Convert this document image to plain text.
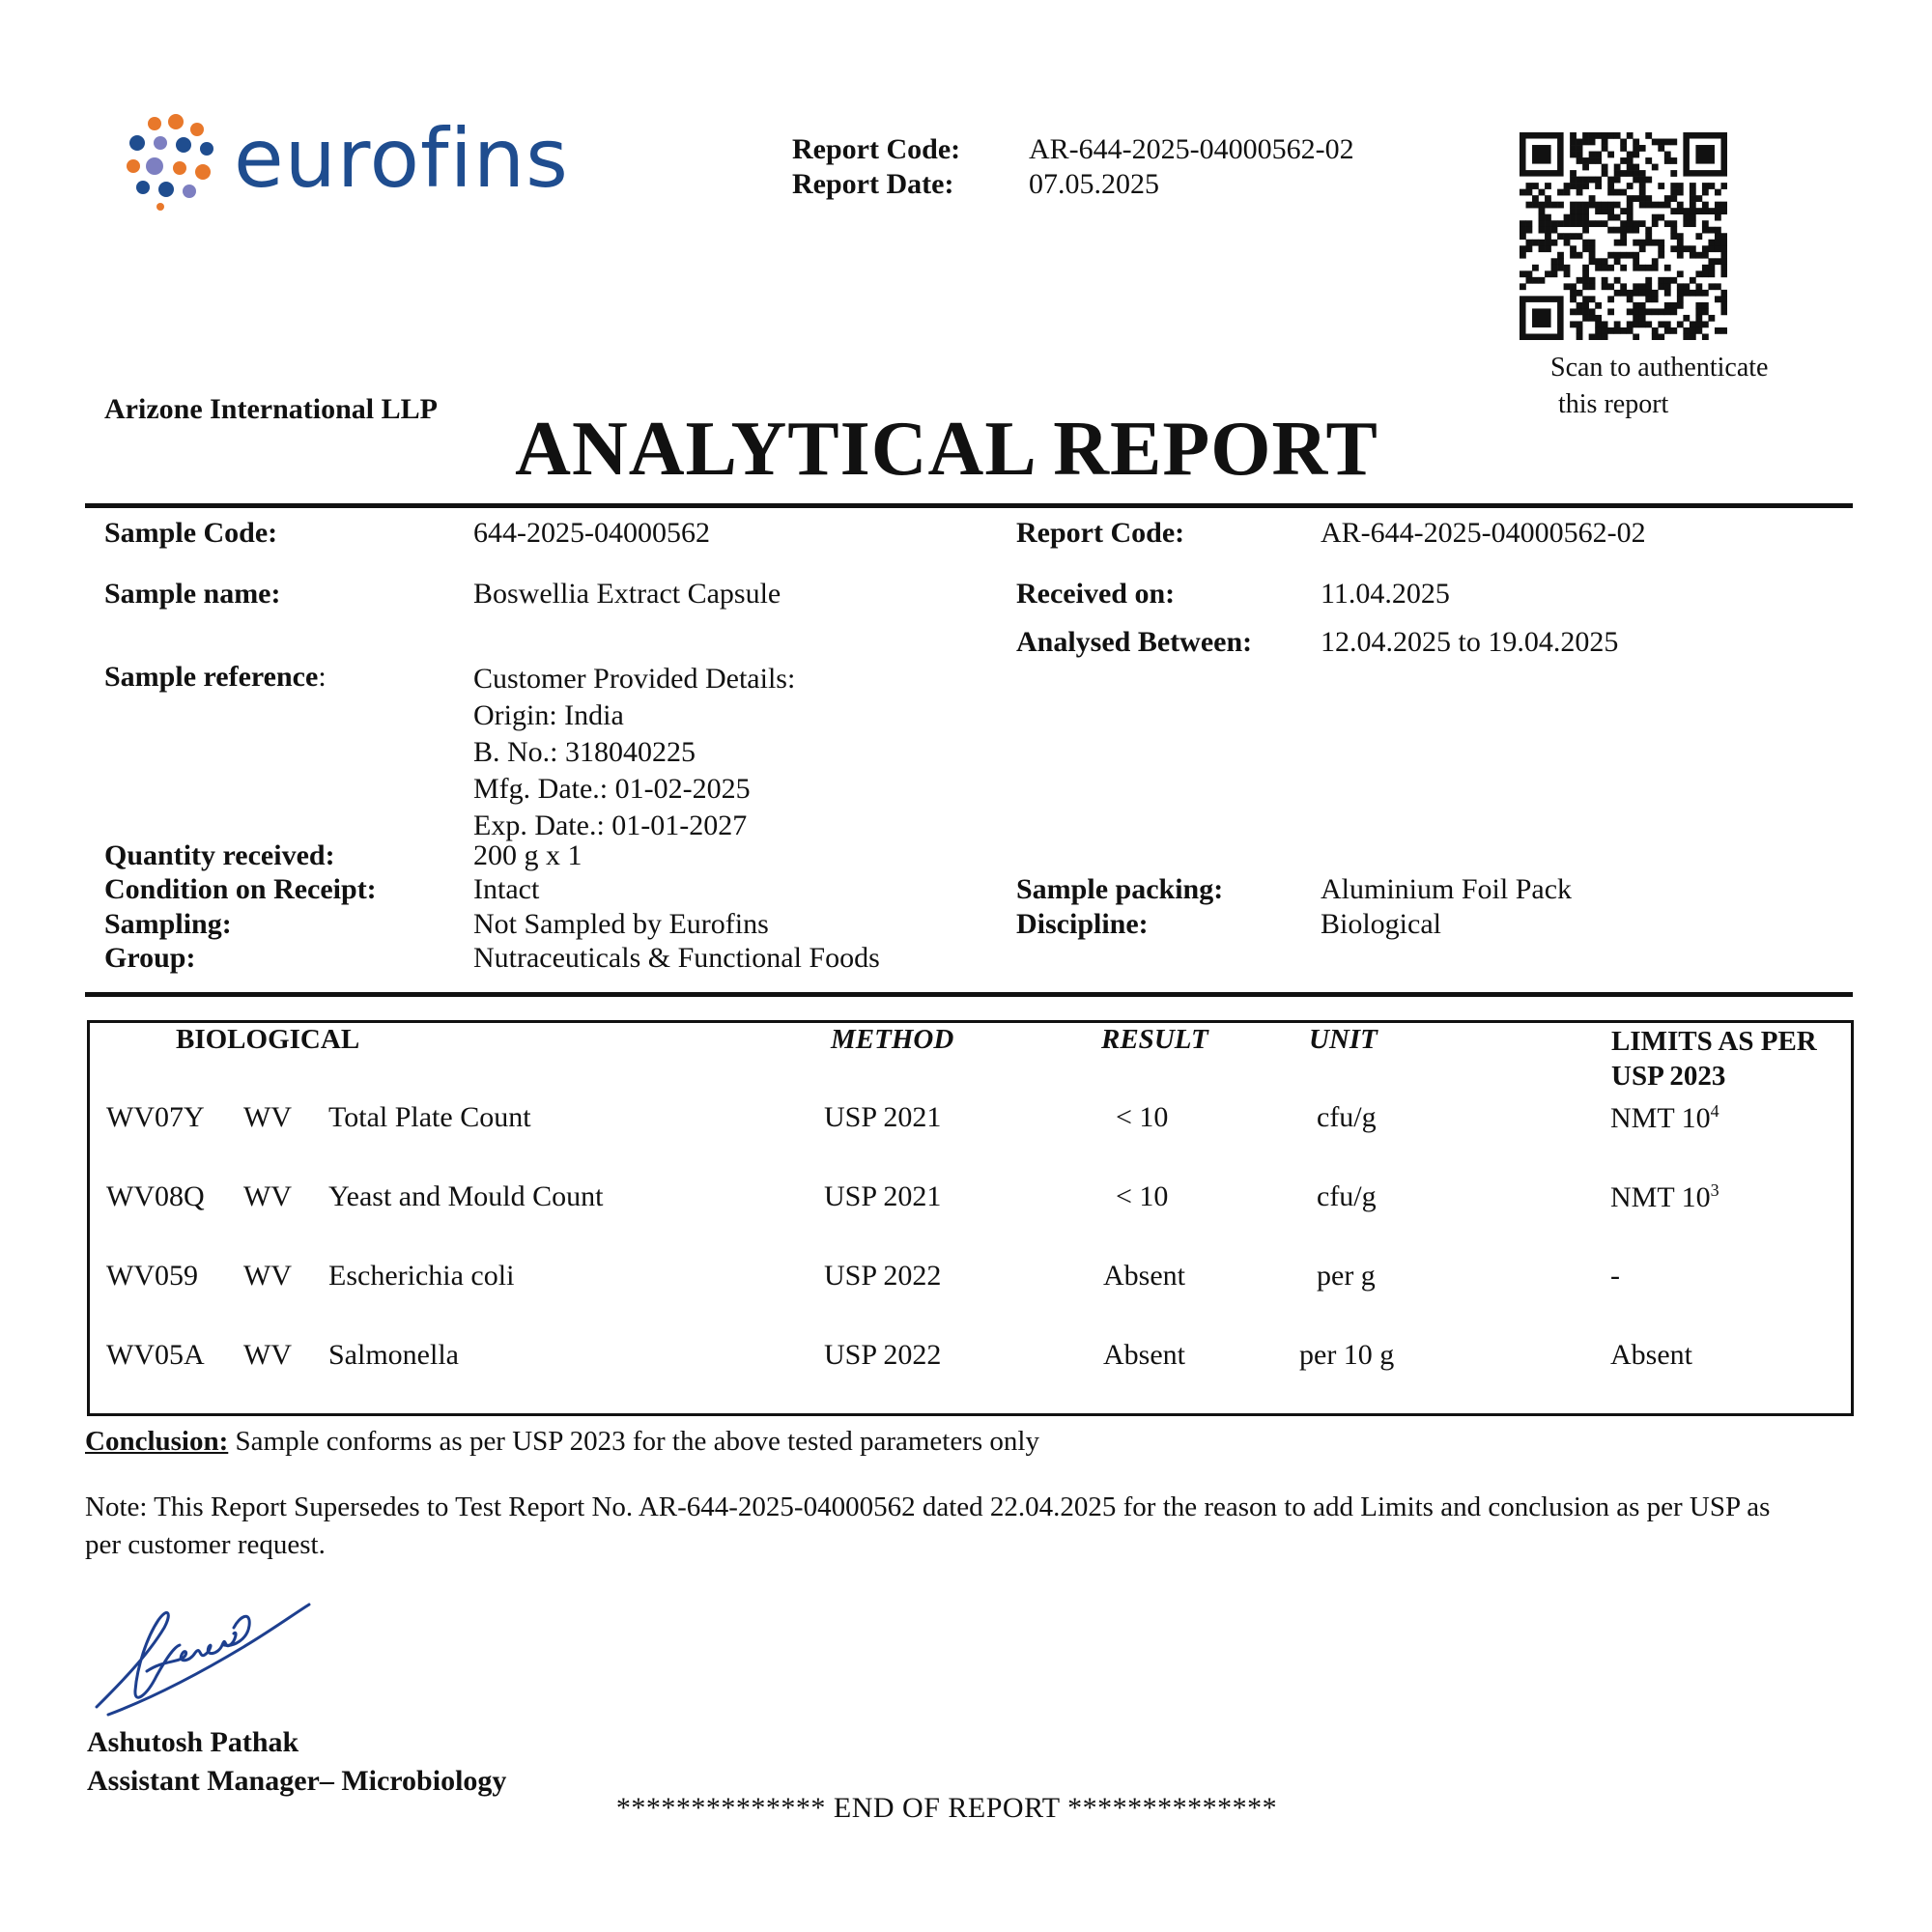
eurofins	Report Code: AR-644-2025-04000562-02
Report Date:	07.05.2025
Scan to authenticate
this report
Arizone International LLP	ANALYTICAL REPORT
Sample Code:	644-2025-04000562	Report Code:	AR-644-2025-04000562-02
Sample name:	Boswellia Extract Capsule	Received on:	11.04.2025
Analysed Between: 12.04.2025 to 19.04.2025
Sample reference:	Customer Provided Details:
Origin: India
B. No.: 318040225
Mfg. Date.: 01-02-2025
Exp. Date.: 01-01-2027
Quantity received:	200 g x 1
Condition on Receipt:	Intact	Sample packing:	Aluminium Foil Pack
Sampling:	Not Sampled by Eurofins	Discipline:	Biological
Group:	Nutraceuticals & Functional Foods
BIOLOGICAL	METHOD	RESULT	UNIT	LIMITS AS PER
USP 2023
WV07Y WV Total Plate Count	USP 2021	< 10	cfu/g	NMT $10^4$
WV08Q WV Yeast and Mould Count	USP 2021	< 10	cfu/g	NMT $10^3$
WV059 WV Escherichia coli	USP 2022	Absent	per g	-
WV05A WV Salmonella	USP 2022	Absent	per 10 g	Absent
Conclusion: Sample conforms as per USP 2023 for the above tested parameters only
Note: This Report Supersedes to Test Report No. AR-644-2025-04000562 dated 22.04.2025 for the reason to add Limits and conclusion as per USP as per customer request.
Ashutosh Pathak
Assistant Manager– Microbiology
************** END OF REPORT **************
